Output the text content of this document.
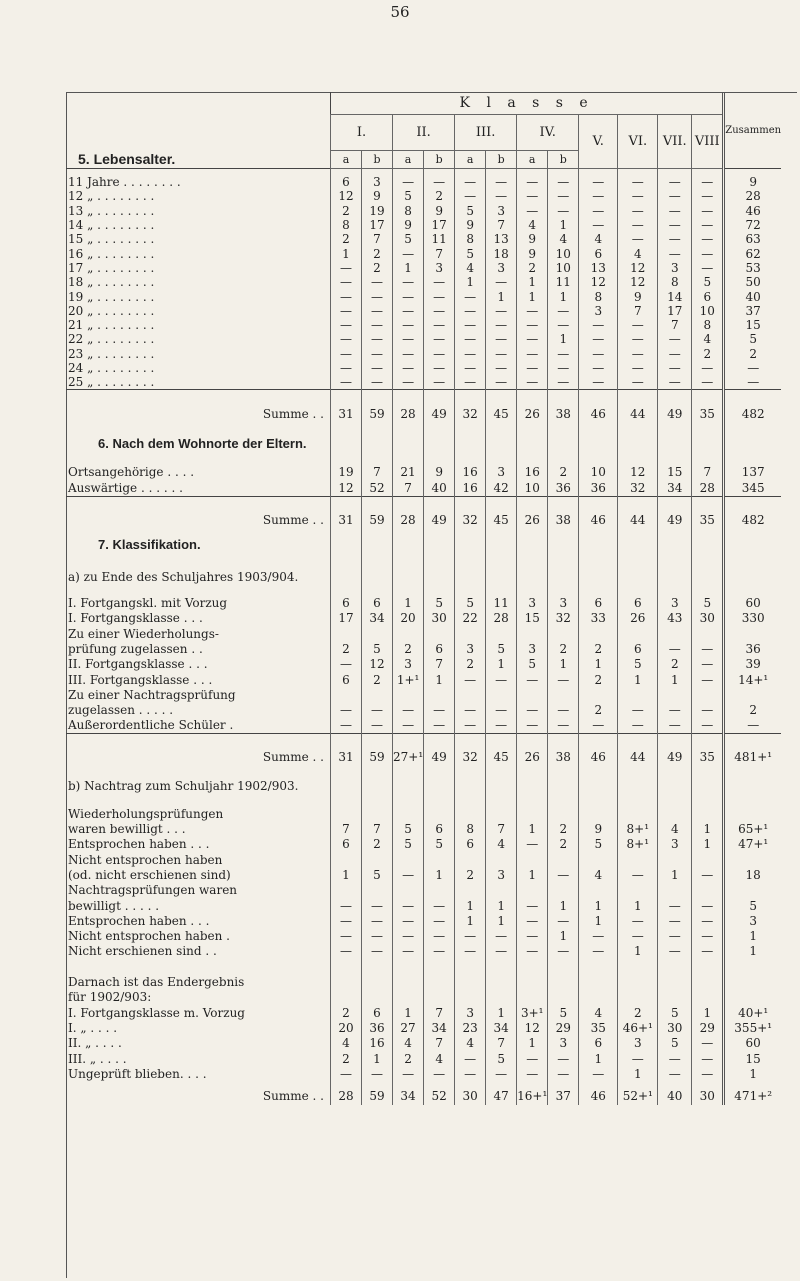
56
	K l a s s e												Zusammen
	I.		II.		III.		IV.		V.	VI.	VII.	VIII	
5. Lebensalter.	a	b	a	b	a	b	a	b					

11 Jahre . . . . . . . .	6	3	—	—	—	—	—	—	—	—	—	—	9
12 „ . . . . . . . .	12	9	5	2	—	—	—	—	—	—	—	—	28
13 „ . . . . . . . .	2	19	8	9	5	3	—	—	—	—	—	—	46
14 „ . . . . . . . .	8	17	9	17	9	7	4	1	—	—	—	—	72
15 „ . . . . . . . .	2	7	5	11	8	13	9	4	4	—	—	—	63
16 „ . . . . . . . .	1	2	—	7	5	18	9	10	6	4	—	—	62
17 „ . . . . . . . .	—	2	1	3	4	3	2	10	13	12	3	—	53
18 „ . . . . . . . .	—	—	—	—	1	—	1	11	12	12	8	5	50
19 „ . . . . . . . .	—	—	—	—	—	1	1	1	8	9	14	6	40
20 „ . . . . . . . .	—	—	—	—	—	—	—	—	3	7	17	10	37
21 „ . . . . . . . .	—	—	—	—	—	—	—	—	—	—	7	8	15
22 „ . . . . . . . .	—	—	—	—	—	—	—	1	—	—	—	4	5
23 „ . . . . . . . .	—	—	—	—	—	—	—	—	—	—	—	2	2
24 „ . . . . . . . .	—	—	—	—	—	—	—	—	—	—	—	—	—
25 „ . . . . . . . .	—	—	—	—	—	—	—	—	—	—	—	—	—

Summe . .	31	59	28	49	32	45	26	38	46	44	49	35	482
6. Nach dem Wohnorte der Eltern.													
Ortsangehörige . . . .	19	7	21	9	16	3	16	2	10	12	15	7	137
Auswärtige . . . . . .	12	52	7	40	16	42	10	36	36	32	34	28	345

Summe . .	31	59	28	49	32	45	26	38	46	44	49	35	482
7. Klassifikation.													
a) zu Ende des Schuljahres 1903/904.													
I. Fortgangskl. mit Vorzug	6	6	1	5	5	11	3	3	6	6	3	5	60
I. Fortgangsklasse . . .	17	34	20	30	22	28	15	32	33	26	43	30	330
Zu einer Wiederholungs-													
prüfung zugelassen . .	2	5	2	6	3	5	3	2	2	6	—	—	36
II. Fortgangsklasse . . .	—	12	3	7	2	1	5	1	1	5	2	—	39
III. Fortgangsklasse . . .	6	2	1+¹	1	—	—	—	—	2	1	1	—	14+¹
Zu einer Nachtragsprüfung													
zugelassen . . . . .	—	—	—	—	—	—	—	—	2	—	—	—	2
Außerordentliche Schüler .	—	—	—	—	—	—	—	—	—	—	—	—	—

Summe . .	31	59	27+¹	49	32	45	26	38	46	44	49	35	481+¹
b) Nachtrag zum Schuljahr 1902/903.													
Wiederholungsprüfungen													
waren bewilligt . . .	7	7	5	6	8	7	1	2	9	8+¹	4	1	65+¹
Entsprochen haben . . .	6	2	5	5	6	4	—	2	5	8+¹	3	1	47+¹
Nicht entsprochen haben													
(od. nicht erschienen sind)	1	5	—	1	2	3	1	—	4	—	1	—	18
Nachtragsprüfungen waren													
bewilligt . . . . .	—	—	—	—	1	1	—	1	1	1	—	—	5
Entsprochen haben . . .	—	—	—	—	1	1	—	—	1	—	—	—	3
Nicht entsprochen haben .	—	—	—	—	—	—	—	1	—	—	—	—	1
Nicht erschienen sind . .	—	—	—	—	—	—	—	—	—	1	—	—	1

Darnach ist das Endergebnis													
für 1902/903:													
I. Fortgangsklasse m. Vorzug	2	6	1	7	3	1	3+¹	5	4	2	5	1	40+¹
I. „ . . . .	20	36	27	34	23	34	12	29	35	46+¹	30	29	355+¹
II. „ . . . .	4	16	4	7	4	7	1	3	6	3	5	—	60
III. „ . . . .	2	1	2	4	—	5	—	—	1	—	—	—	15
Ungeprüft blieben. . . .	—	—	—	—	—	—	—	—	—	1	—	—	1

Summe . .	28	59	34	52	30	47	16+¹	37	46	52+¹	40	30	471+²
